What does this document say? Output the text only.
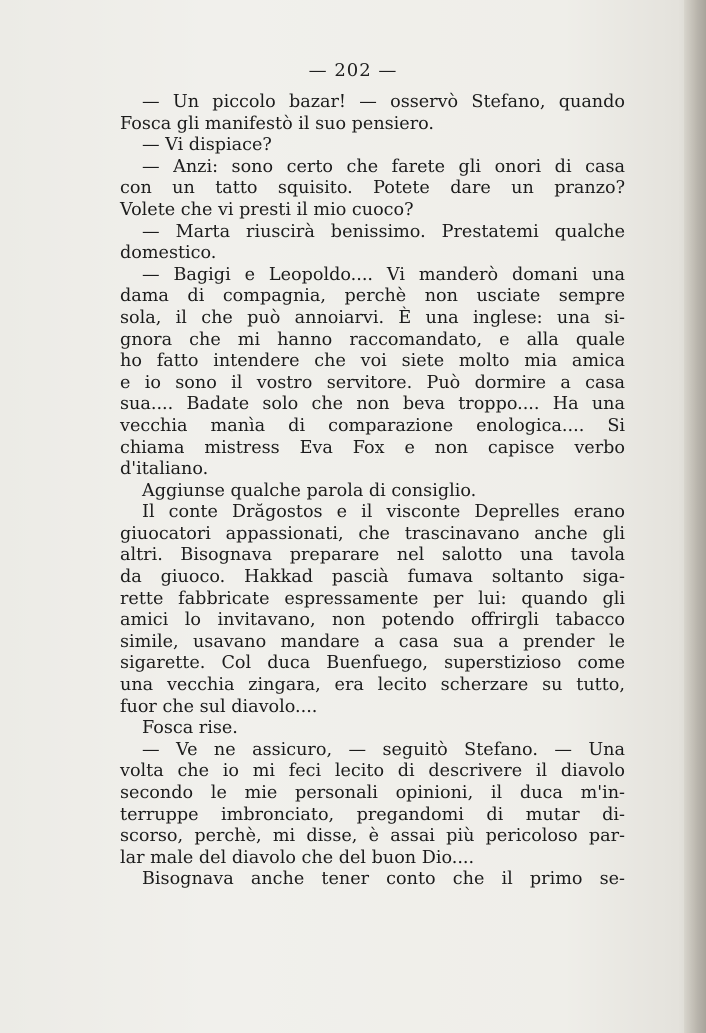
— 202 —
— Un piccolo bazar! — osservò Stefano, quando
Fosca gli manifestò il suo pensiero.
— Vi dispiace?
— Anzi: sono certo che farete gli onori di casa
con un tatto squisito. Potete dare un pranzo?
Volete che vi presti il mio cuoco?
— Marta riuscirà benissimo. Prestatemi qualche
domestico.
— Bagigi e Leopoldo.... Vi manderò domani una
dama di compagnia, perchè non usciate sempre
sola, il che può annoiarvi. È una inglese: una si-
gnora che mi hanno raccomandato, e alla quale
ho fatto intendere che voi siete molto mia amica
e io sono il vostro servitore. Può dormire a casa
sua.... Badate solo che non beva troppo.... Ha una
vecchia manìa di comparazione enologica.... Si
chiama mistress Eva Fox e non capisce verbo
d'italiano.
Aggiunse qualche parola di consiglio.
Il conte Drăgostos e il visconte Deprelles erano
giuocatori appassionati, che trascinavano anche gli
altri. Bisognava preparare nel salotto una tavola
da giuoco. Hakkad pascià fumava soltanto siga-
rette fabbricate espressamente per lui: quando gli
amici lo invitavano, non potendo offrirgli tabacco
simile, usavano mandare a casa sua a prender le
sigarette. Col duca Buenfuego, superstizioso come
una vecchia zingara, era lecito scherzare su tutto,
fuor che sul diavolo....
Fosca rise.
— Ve ne assicuro, — seguitò Stefano. — Una
volta che io mi feci lecito di descrivere il diavolo
secondo le mie personali opinioni, il duca m'in-
terruppe imbronciato, pregandomi di mutar di-
scorso, perchè, mi disse, è assai più pericoloso par-
lar male del diavolo che del buon Dio....
Bisognava anche tener conto che il primo se-
